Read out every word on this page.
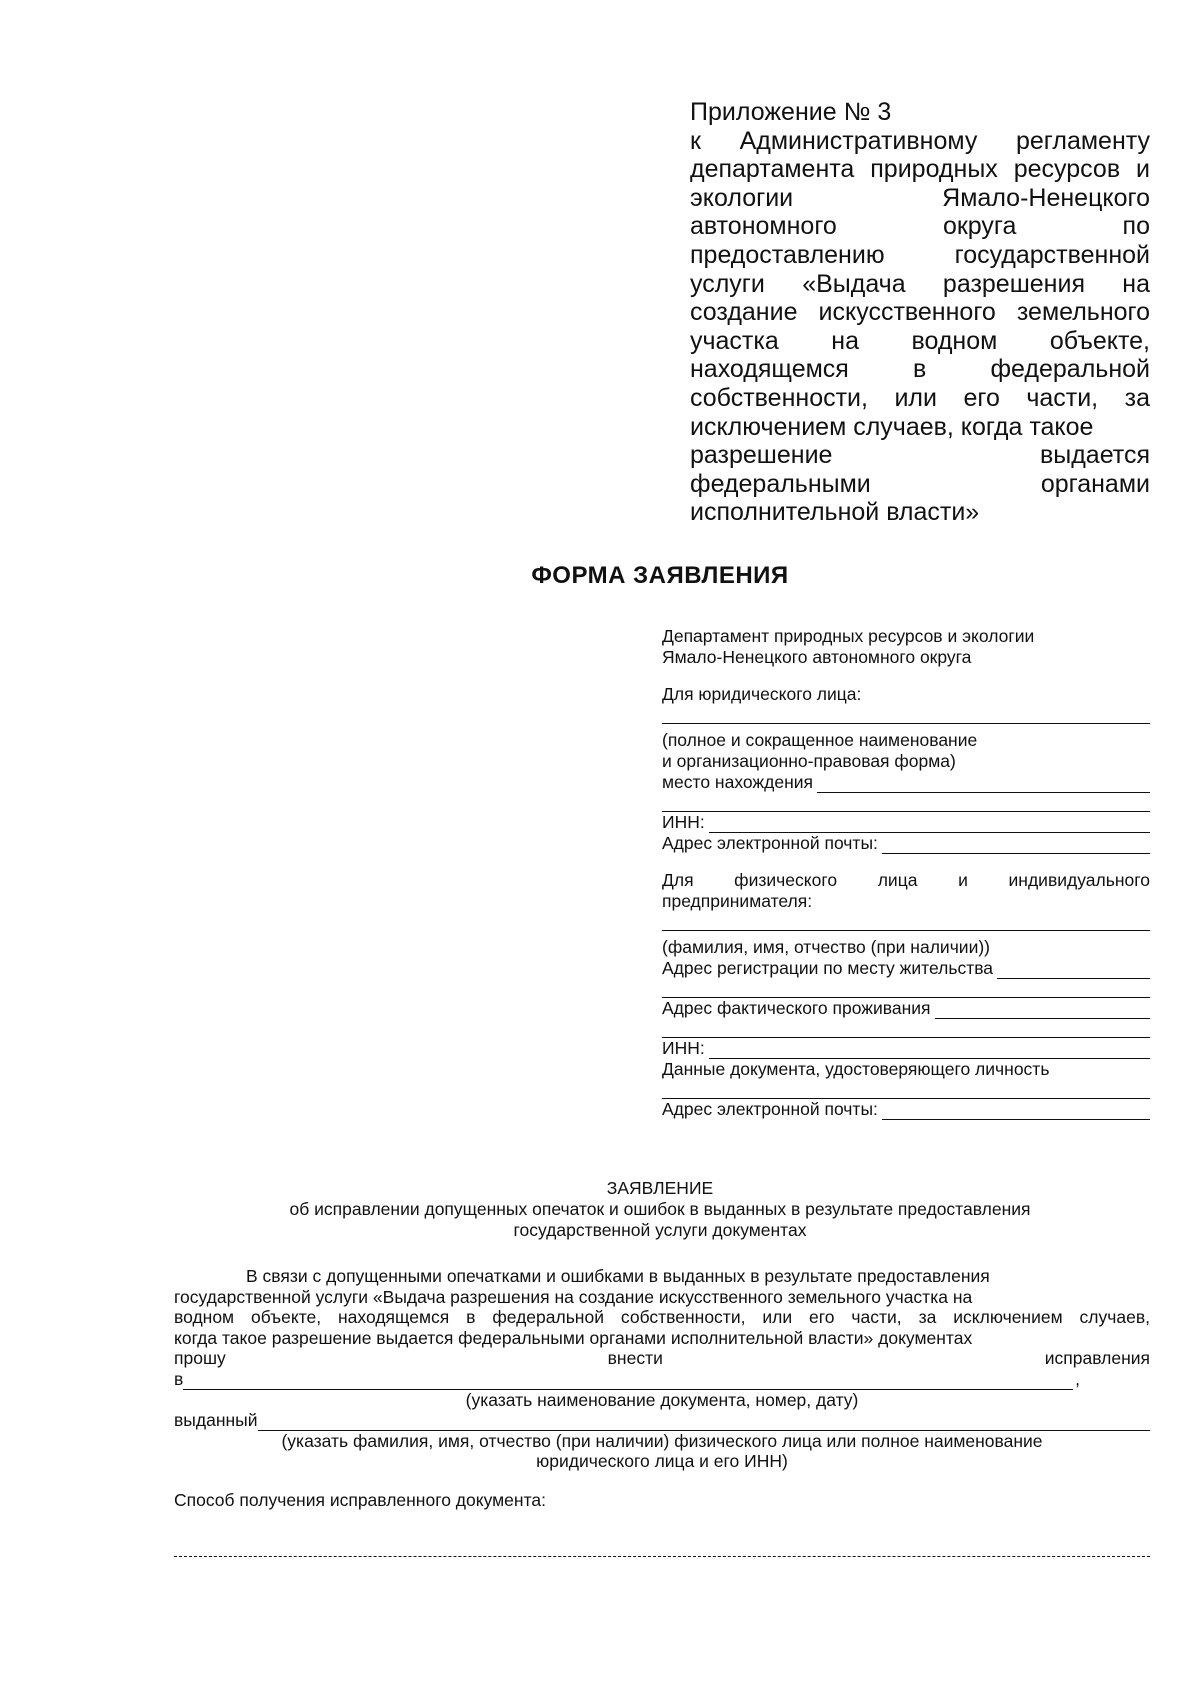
Приложение № 3
к Административному регламенту
департамента природных ресурсов и
экологии Ямало-Ненецкого
автономного округа по
предоставлению государственной
услуги «Выдача разрешения на
создание искусственного земельного
участка на водном объекте,
находящемся в федеральной
собственности, или его части, за
исключением случаев, когда такое
разрешение выдается
федеральными органами
исполнительной власти»
ФОРМА ЗАЯВЛЕНИЯ
Департамент природных ресурсов и экологии
Ямало-Ненецкого автономного округа
Для юридического лица:
(полное и сокращенное наименование
и организационно-правовая форма)
место нахождения
ИНН:
Адрес электронной почты:
Для физического лица и индивидуального
предпринимателя:
(фамилия, имя, отчество (при наличии))
Адрес регистрации по месту жительства
Адрес фактического проживания
ИНН:
Данные документа, удостоверяющего личность
Адрес электронной почты:
ЗАЯВЛЕНИЕ
об исправлении допущенных опечаток и ошибок в выданных в результате предоставления
государственной услуги документах
В связи с допущенными опечатками и ошибками в выданных в результате предоставления
государственной услуги «Выдача разрешения на создание искусственного земельного участка на
водном объекте, находящемся в федеральной собственности, или его части, за исключением случаев,
когда такое разрешение выдается федеральными органами исполнительной власти» документах
прошу внести исправления
в	,
(указать наименование документа, номер, дату)
выданный
(указать фамилия, имя, отчество (при наличии) физического лица или полное наименование
юридического лица и его ИНН)
Способ получения исправленного документа:
